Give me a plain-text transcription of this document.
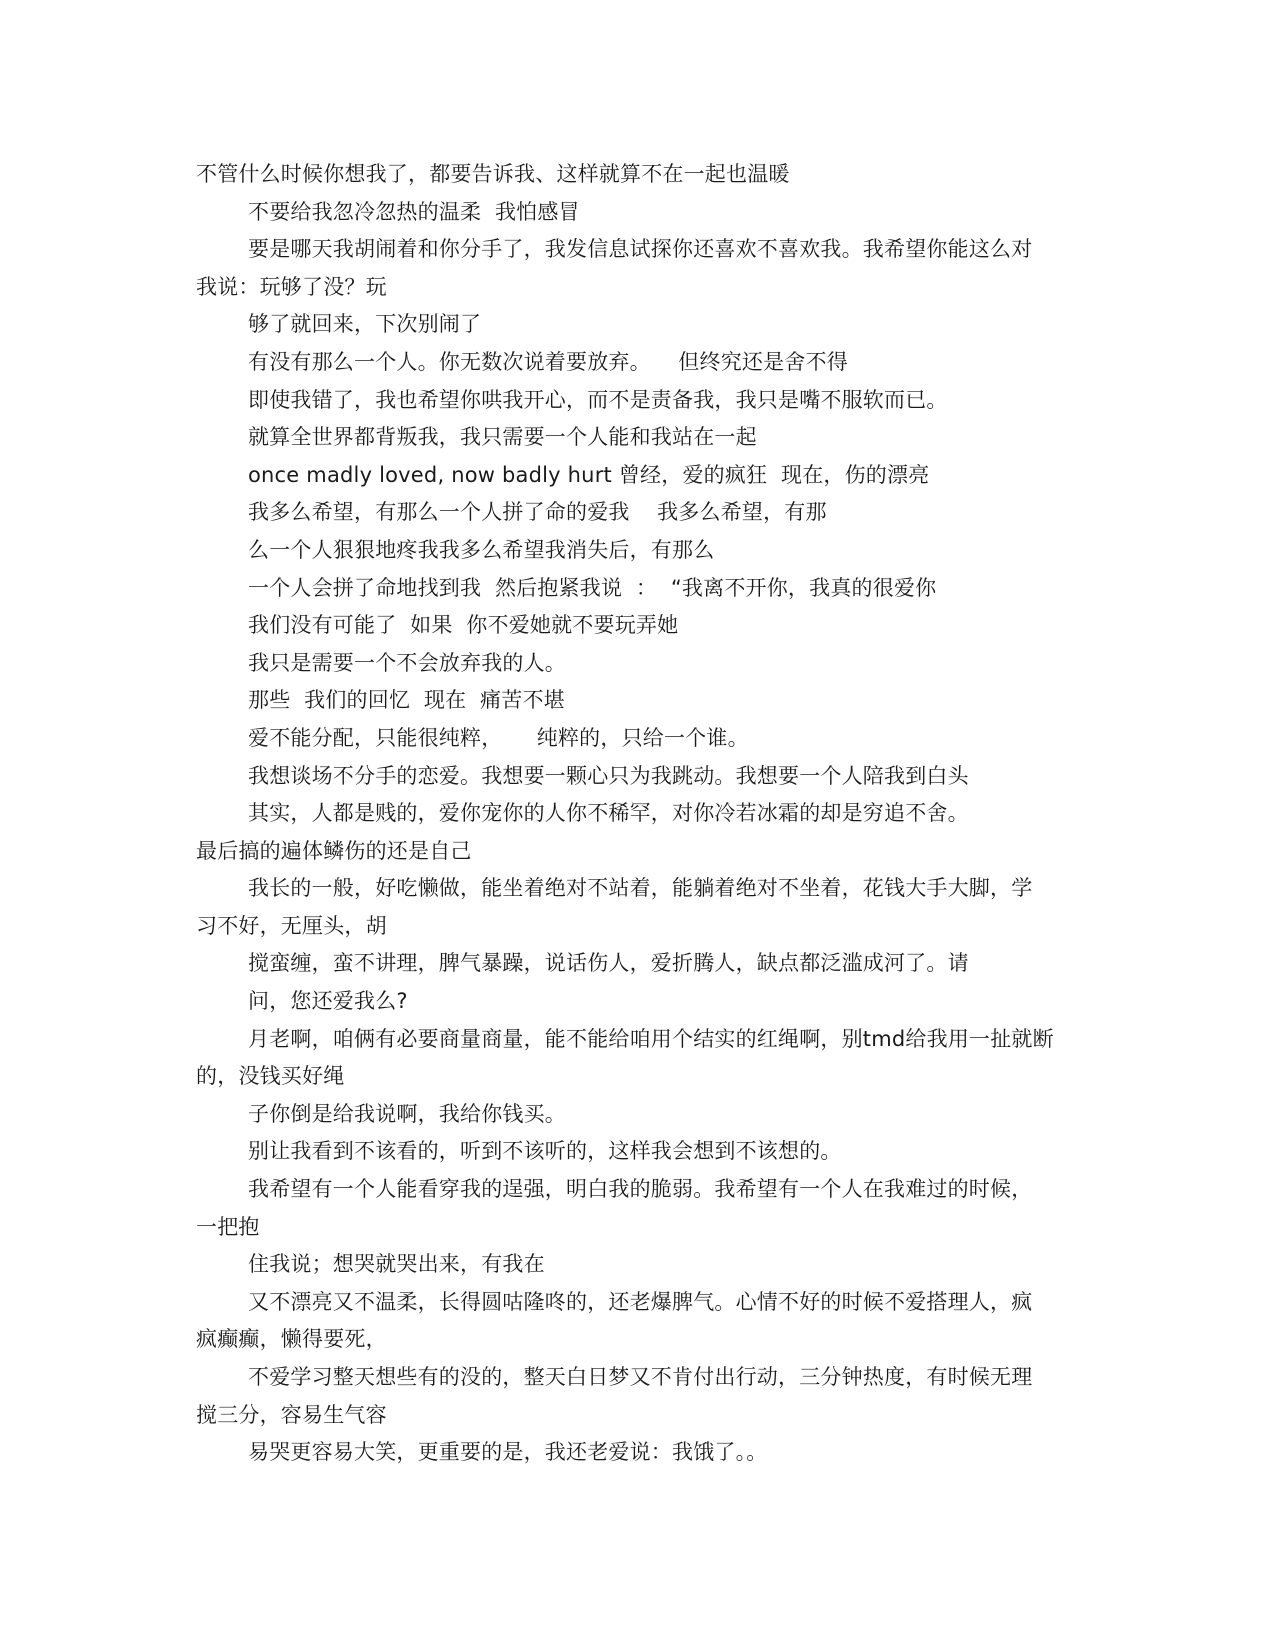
不管什么时候你想我了，都要告诉我、这样就算不在一起也温暖
不要给我忽冷忽热的温柔  我怕感冒
要是哪天我胡闹着和你分手了，我发信息试探你还喜欢不喜欢我。我希望你能这么对
我说：玩够了没？玩
够了就回来，下次别闹了
有没有那么一个人。你无数次说着要放弃。    但终究还是舍不得
即使我错了，我也希望你哄我开心，而不是责备我，我只是嘴不服软而已。
就算全世界都背叛我，我只需要一个人能和我站在一起
once madly loved, now badly hurt 曾经，爱的疯狂  现在，伤的漂亮
我多么希望，有那么一个人拼了命的爱我    我多么希望，有那
么一个人狠狠地疼我我多么希望我消失后，有那么
一个人会拼了命地找到我  然后抱紧我说  ：  “我离不开你，我真的很爱你
我们没有可能了  如果  你不爱她就不要玩弄她
我只是需要一个不会放弃我的人。
那些  我们的回忆  现在  痛苦不堪
爱不能分配，只能很纯粹，     纯粹的，只给一个谁。
我想谈场不分手的恋爱。我想要一颗心只为我跳动。我想要一个人陪我到白头
其实，人都是贱的，爱你宠你的人你不稀罕，对你冷若冰霜的却是穷追不舍。
最后搞的遍体鳞伤的还是自己
我长的一般，好吃懒做，能坐着绝对不站着，能躺着绝对不坐着，花钱大手大脚，学
习不好，无厘头，胡
搅蛮缠，蛮不讲理，脾气暴躁，说话伤人，爱折腾人，缺点都泛滥成河了。请
问，您还爱我么?
月老啊，咱俩有必要商量商量，能不能给咱用个结实的红绳啊，别tmd给我用一扯就断
的，没钱买好绳
子你倒是给我说啊，我给你钱买。
别让我看到不该看的，听到不该听的，这样我会想到不该想的。
我希望有一个人能看穿我的逞强，明白我的脆弱。我希望有一个人在我难过的时候，
一把抱
住我说；想哭就哭出来，有我在
又不漂亮又不温柔，长得圆咕隆咚的，还老爆脾气。心情不好的时候不爱搭理人，疯
疯癫癫，懒得要死，
不爱学习整天想些有的没的，整天白日梦又不肯付出行动，三分钟热度，有时候无理
搅三分，容易生气容
易哭更容易大笑，更重要的是，我还老爱说：我饿了。。
